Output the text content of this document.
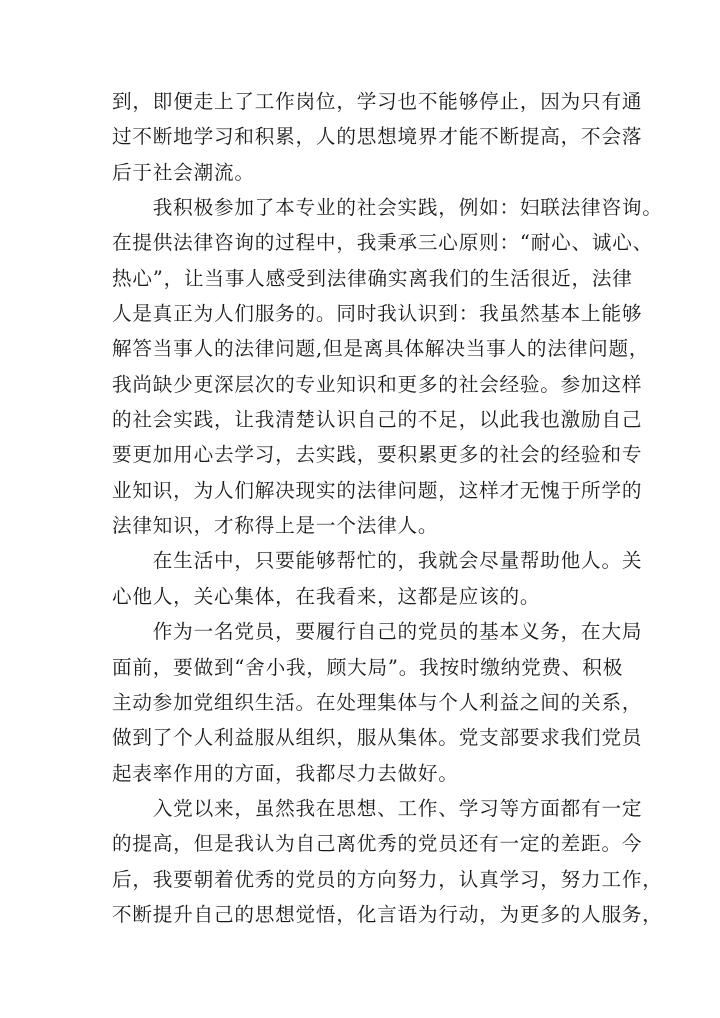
到，即便走上了工作岗位，学习也不能够停止，因为只有通
过不断地学习和积累，人的思想境界才能不断提高，不会落
后于社会潮流。
　　我积极参加了本专业的社会实践，例如：妇联法律咨询。
在提供法律咨询的过程中，我秉承三心原则：“耐心、诚心、
热心”，让当事人感受到法律确实离我们的生活很近，法律
人是真正为人们服务的。同时我认识到：我虽然基本上能够
解答当事人的法律问题,但是离具体解决当事人的法律问题，
我尚缺少更深层次的专业知识和更多的社会经验。参加这样
的社会实践，让我清楚认识自己的不足，以此我也激励自己
要更加用心去学习，去实践，要积累更多的社会的经验和专
业知识，为人们解决现实的法律问题，这样才无愧于所学的
法律知识，才称得上是一个法律人。
　　在生活中，只要能够帮忙的，我就会尽量帮助他人。关
心他人，关心集体，在我看来，这都是应该的。
　　作为一名党员，要履行自己的党员的基本义务，在大局
面前，要做到“舍小我，顾大局”。我按时缴纳党费、积极
主动参加党组织生活。在处理集体与个人利益之间的关系，
做到了个人利益服从组织，服从集体。党支部要求我们党员
起表率作用的方面，我都尽力去做好。
　　入党以来，虽然我在思想、工作、学习等方面都有一定
的提高，但是我认为自己离优秀的党员还有一定的差距。今
后，我要朝着优秀的党员的方向努力，认真学习，努力工作，
不断提升自己的思想觉悟，化言语为行动，为更多的人服务，
